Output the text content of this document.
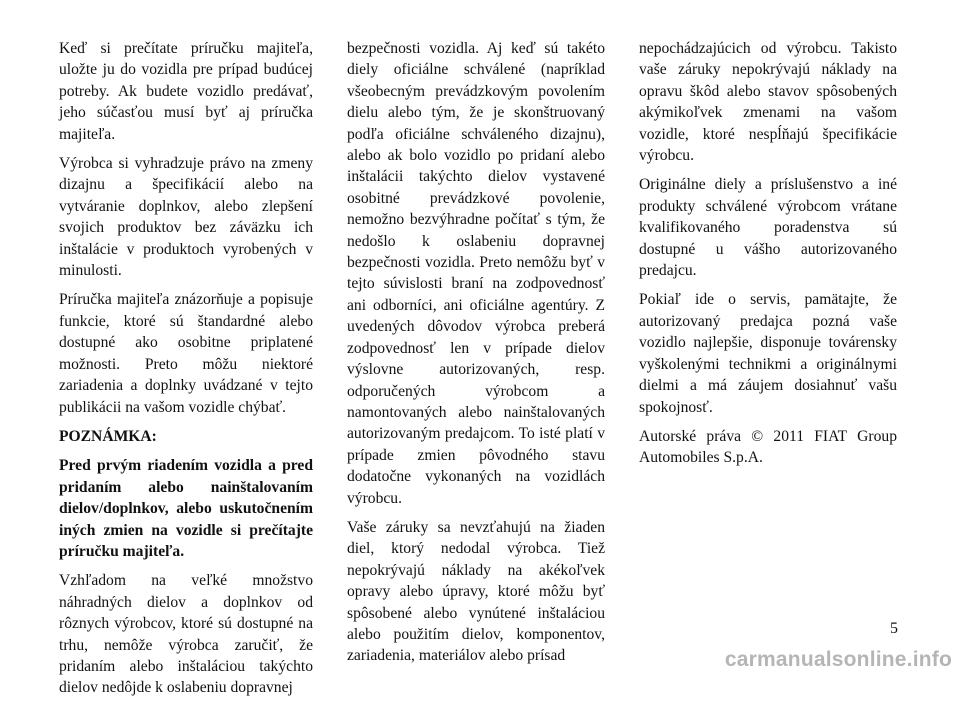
Keď si prečítate príručku majiteľa, uložte ju do vozidla pre prípad budúcej potreby. Ak budete vozidlo predávať, jeho súčasťou musí byť aj príručka majiteľa.

Výrobca si vyhradzuje právo na zmeny dizajnu a špecifikácií alebo na vytváranie doplnkov, alebo zlepšení svojich produktov bez záväzku ich inštalácie v produktoch vyrobených v minulosti.

Príručka majiteľa znázorňuje a popisuje funkcie, ktoré sú štandardné alebo dostupné ako osobitne priplatené možnosti. Preto môžu niektoré zariadenia a doplnky uvádzané v tejto publikácii na vašom vozidle chýbať.

POZNÁMKA:

Pred prvým riadením vozidla a pred pridaním alebo nainštalovaním dielov/doplnkov, alebo uskutočnením iných zmien na vozidle si prečítajte príručku majiteľa.

Vzhľadom na veľké množstvo náhradných dielov a doplnkov od rôznych výrobcov, ktoré sú dostupné na trhu, nemôže výrobca zaručiť, že pridaním alebo inštaláciou takýchto dielov nedôjde k oslabeniu dopravnej

bezpečnosti vozidla. Aj keď sú takéto diely oficiálne schválené (napríklad všeobecným prevádzkovým povolením dielu alebo tým, že je skonštruovaný podľa oficiálne schváleného dizajnu), alebo ak bolo vozidlo po pridaní alebo inštalácii takýchto dielov vystavené osobitné prevádzkové povolenie, nemožno bezvýhradne počítať s tým, že nedošlo k oslabeniu dopravnej bezpečnosti vozidla. Preto nemôžu byť v tejto súvislosti braní na zodpovednosť ani odborníci, ani oficiálne agentúry. Z uvedených dôvodov výrobca preberá zodpovednosť len v prípade dielov výslovne autorizovaných, resp. odporučených výrobcom a namontovaných alebo nainštalovaných autorizovaným predajcom. To isté platí v prípade zmien pôvodného stavu dodatočne vykonaných na vozidlách výrobcu.

Vaše záruky sa nevzťahujú na žiaden diel, ktorý nedodal výrobca. Tiež nepokrývajú náklady na akékoľvek opravy alebo úpravy, ktoré môžu byť spôsobené alebo vynútené inštaláciou alebo použitím dielov, komponentov, zariadenia, materiálov alebo prísad

nepochádzajúcich od výrobcu. Takisto vaše záruky nepokrývajú náklady na opravu škôd alebo stavov spôsobených akýmikoľvek zmenami na vašom vozidle, ktoré nespĺňajú špecifikácie výrobcu.

Originálne diely a príslušenstvo a iné produkty schválené výrobcom vrátane kvalifikovaného poradenstva sú dostupné u vášho autorizovaného predajcu.

Pokiaľ ide o servis, pamätajte, že autorizovaný predajca pozná vaše vozidlo najlepšie, disponuje továrensky vyškolenými technikmi a originálnymi dielmi a má záujem dosiahnuť vašu spokojnosť.

Autorské práva © 2011 FIAT Group Automobiles S.p.A.

5
carmanualsonline.info
